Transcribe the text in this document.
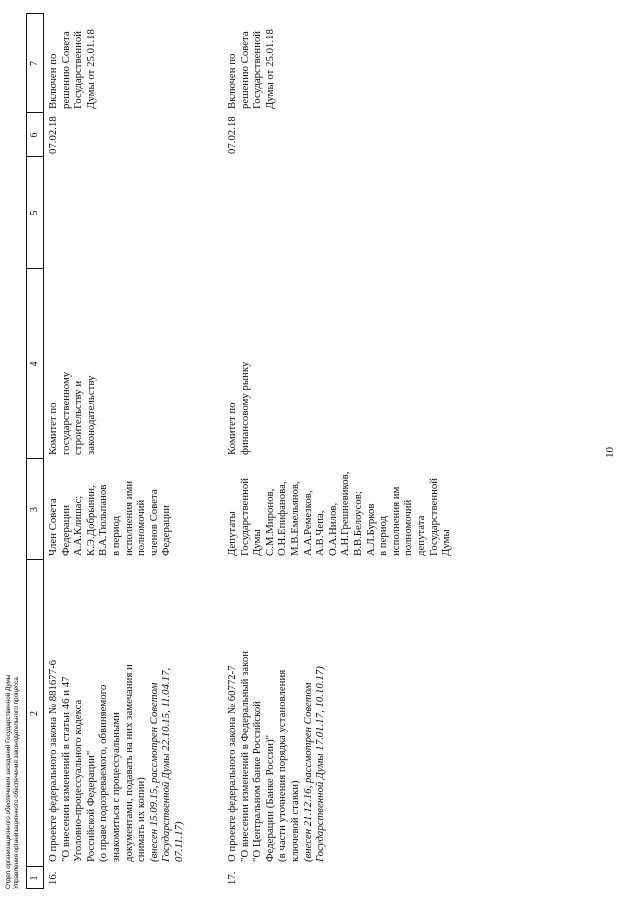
10
1
2
3
4
5
6
7
16.
О проекте федерального закона № 881677-6 "О внесении изменений в статьи 46 и 47 Уголовно-процессуального кодекса Российской Федерации" (о праве подозреваемого, обвиняемого знакомиться с процессуальными документами, подавать на них замечания и снимать их копии) (внесен 15.09.15, рассмотрен Советом Государственной Думы 22.10.15, 11.04.17, 07.11.17)
Член Совета Федерации А.А.Клишас; К.Э.Добрынин, В.А.Тюльпанов в период исполнения ими полномочий членов Совета Федерации
Комитет по государственному строительству и законодательству
07.02.18
Включен по решению Совета Государственной Думы от 25.01.18
17.
О проекте федерального закона № 60772-7 "О внесении изменений в Федеральный закон "О Центральном банке Российской Федерации (Банке России)" (в части уточнения порядка установления ключевой ставки) (внесен 21.12.16, рассмотрен Советом Государственной Думы 17.01.17, 10.10.17)
Депутаты Государственной Думы С.М.Миронов, О.Н.Епифанова, М.В.Емельянов, А.А.Ремезков, А.В.Чепа, О.А.Нилов, А.Н.Грешневиков, В.В.Белоусов; А.Л.Бурков в период исполнения им полномочий депутата Государственной Думы
Комитет по финансовому рынку
07.02.18
Включен по решению Совета Государственной Думы от 25.01.18
Отдел организационного обеспечения заседаний Государственной Думы Управления организационного обеспечения законодательного процесса
